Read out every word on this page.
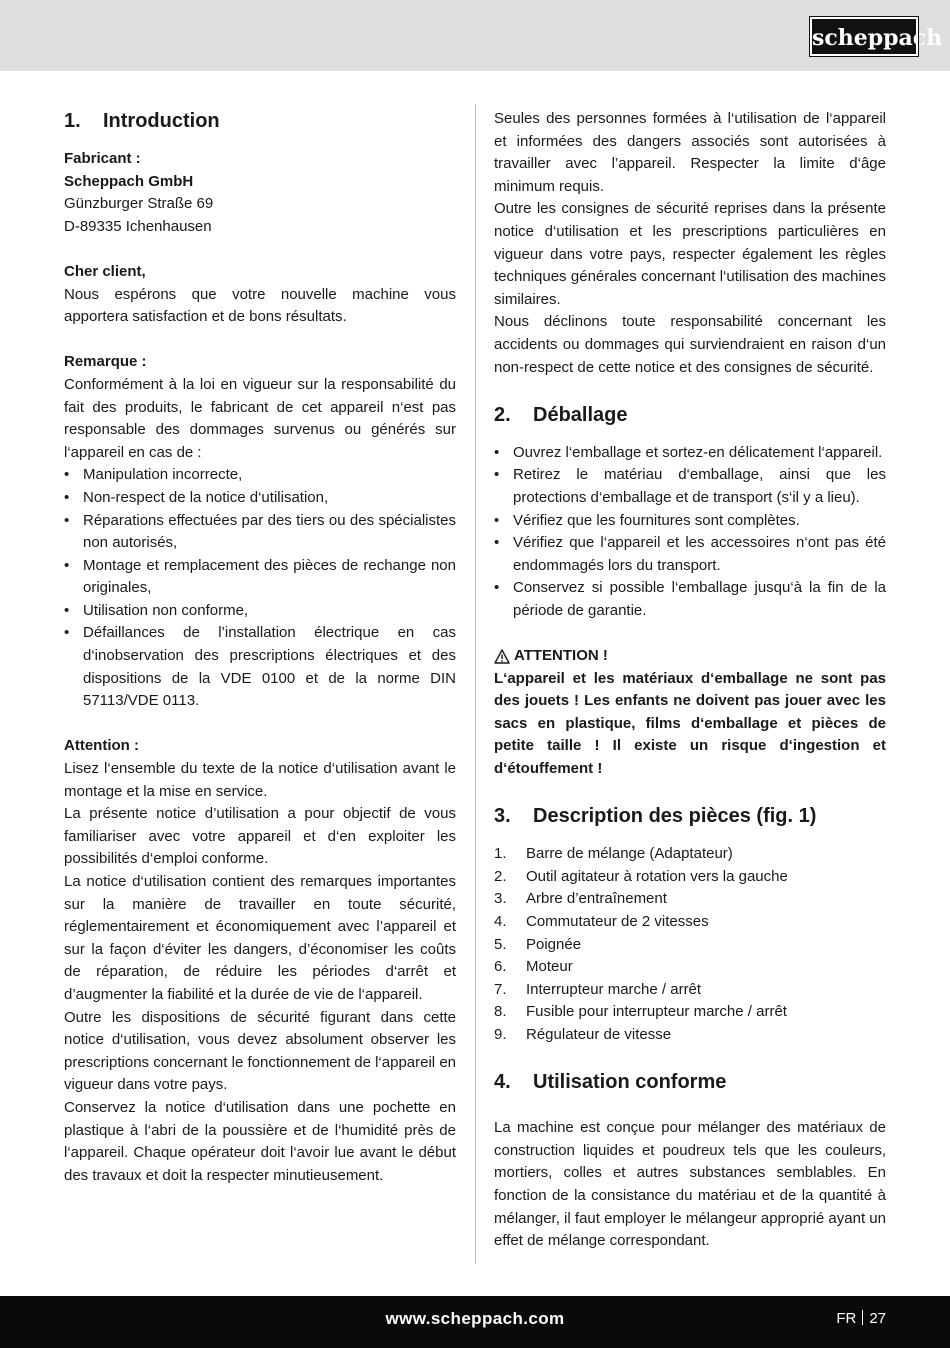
scheppach
1.	Introduction

Fabricant :

Scheppach GmbH

Günzburger Straße 69

D-89335 Ichenhausen

Cher client,

Nous espérons que votre nouvelle machine vous apportera satisfaction et de bons résultats.

Remarque :

Conformément à la loi en vigueur sur la responsabilité du fait des produits, le fabricant de cet appareil n‘est pas responsable des dommages survenus ou générés sur l‘appareil en cas de :

• Manipulation incorrecte,
• Non-respect de la notice d‘utilisation,
• Réparations effectuées par des tiers ou des spécialistes non autorisés,
• Montage et remplacement des pièces de rechange non originales,
• Utilisation non conforme,
• Défaillances de l’installation électrique en cas d‘inobservation des prescriptions électriques et des dispositions de la VDE 0100 et de la norme DIN 57113/VDE 0113.

Attention :

Lisez l‘ensemble du texte de la notice d‘utilisation avant le montage et la mise en service.

La présente notice d’utilisation a pour objectif de vous familiariser avec votre appareil et d‘en exploiter les possibilités d‘emploi conforme.

La notice d‘utilisation contient des remarques importantes sur la manière de travailler en toute sécurité, réglementairement et économiquement avec l’appareil et sur la façon d‘éviter les dangers, d’économiser les coûts de réparation, de réduire les périodes d‘arrêt et d’augmenter la fiabilité et la durée de vie de l‘appareil.

Outre les dispositions de sécurité figurant dans cette notice d‘utilisation, vous devez absolument observer les prescriptions concernant le fonctionnement de l‘appareil en vigueur dans votre pays.

Conservez la notice d‘utilisation dans une pochette en plastique à l‘abri de la poussière et de l‘humidité près de l‘appareil. Chaque opérateur doit l‘avoir lue avant le début des travaux et doit la respecter minutieusement.

Seules des personnes formées à l‘utilisation de l‘appareil et informées des dangers associés sont autorisées à travailler avec l’appareil. Respecter la limite d‘âge minimum requis.

Outre les consignes de sécurité reprises dans la présente notice d‘utilisation et les prescriptions particulières en vigueur dans votre pays, respecter également les règles techniques générales concernant l‘utilisation des machines similaires.

Nous déclinons toute responsabilité concernant les accidents ou dommages qui surviendraient en raison d‘un non-respect de cette notice et des consignes de sécurité.

2.	Déballage
• Ouvrez l‘emballage et sortez-en délicatement l‘appareil.
• Retirez le matériau d‘emballage, ainsi que les protections d‘emballage et de transport (s‘il y a lieu).
• Vérifiez que les fournitures sont complètes.
• Vérifiez que l‘appareil et les accessoires n‘ont pas été endommagés lors du transport.
• Conservez si possible l‘emballage jusqu‘à la fin de la période de garantie.
ATTENTION !

L‘appareil et les matériaux d‘emballage ne sont pas des jouets ! Les enfants ne doivent pas jouer avec les sacs en plastique, films d‘emballage et pièces de petite taille ! Il existe un risque d‘ingestion et d‘étouffement !

3.	Description des pièces (fig. 1)
1.	Barre de mélange (Adaptateur)
2.	Outil agitateur à rotation vers la gauche
3.	Arbre d’entraînement
4.	Commutateur de 2 vitesses
5.	Poignée
6.	Moteur
7.	Interrupteur marche / arrêt
8.	Fusible pour interrupteur marche / arrêt
9.	Régulateur de vitesse
4.	Utilisation conforme

La machine est conçue pour mélanger des matériaux de construction liquides et poudreux tels que les couleurs, mortiers, colles et autres substances semblables. En fonction de la consistance du matériau et de la quantité à mélanger, il faut employer le mélangeur approprié ayant un effet de mélange correspondant.

www.scheppach.com	FR 27
